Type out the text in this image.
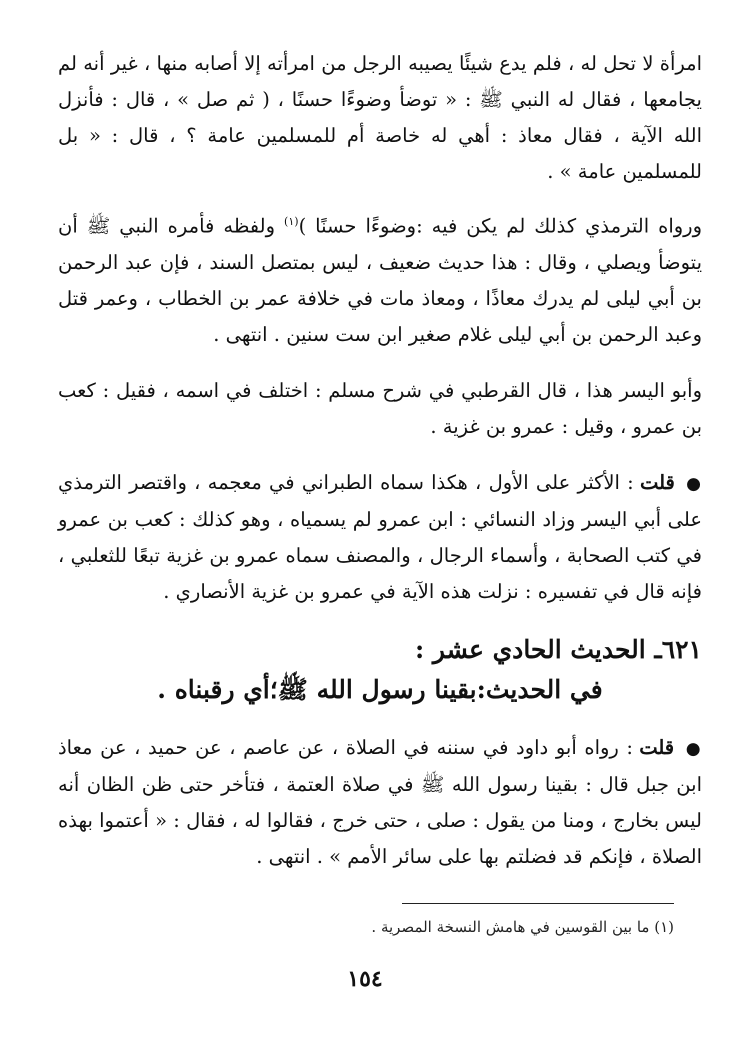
امرأة لا تحل له ، فلم يدع شيئًا يصيبه الرجل من امرأته إلا أصابه منها ، غير أنه لم يجامعها ، فقال له النبي ﷺ : « توضأ وضوءًا حسنًا ، ( ثم صل » ، قال : فأنزل الله الآية ، فقال معاذ : أهي له خاصة أم للمسلمين عامة ؟ ، قال : « بل للمسلمين عامة » .

ورواه الترمذي كذلك لم يكن فيه :وضوءًا حسنًا )$^{(١)}$ ولفظه فأمره النبي ﷺ أن يتوضأ ويصلي ، وقال : هذا حديث ضعيف ، ليس بمتصل السند ، فإن عبد الرحمن بن أبي ليلى لم يدرك معاذًا ، ومعاذ مات في خلافة عمر بن الخطاب ، وعمر قتل وعبد الرحمن بن أبي ليلى غلام صغير ابن ست سنين . انتهى .

وأبو اليسر هذا ، قال القرطبي في شرح مسلم : اختلف في اسمه ، فقيل : كعب بن عمرو ، وقيل : عمرو بن غزية .

● قلت : الأكثر على الأول ، هكذا سماه الطبراني في معجمه ، واقتصر الترمذي على أبي اليسر وزاد النسائي : ابن عمرو لم يسمياه ، وهو كذلك : كعب بن عمرو في كتب الصحابة ، وأسماء الرجال ، والمصنف سماه عمرو بن غزية تبعًا للثعلبي ، فإنه قال في تفسيره : نزلت هذه الآية في عمرو بن غزية الأنصاري .

٦٢١ـ الحديث الحادي عشر :
في الحديث:بقينا رسول الله ﷺ؛أي رقبناه .

● قلت : رواه أبو داود في سننه في الصلاة ، عن عاصم ، عن حميد ، عن معاذ ابن جبل قال : بقينا رسول الله ﷺ في صلاة العتمة ، فتأخر حتى ظن الظان أنه ليس بخارج ، ومنا من يقول : صلى ، حتى خرج ، فقالوا له ، فقال : « أعتموا بهذه الصلاة ، فإنكم قد فضلتم بها على سائر الأمم » . انتهى .

(١) ما بين القوسين في هامش النسخة المصرية .
١٥٤
